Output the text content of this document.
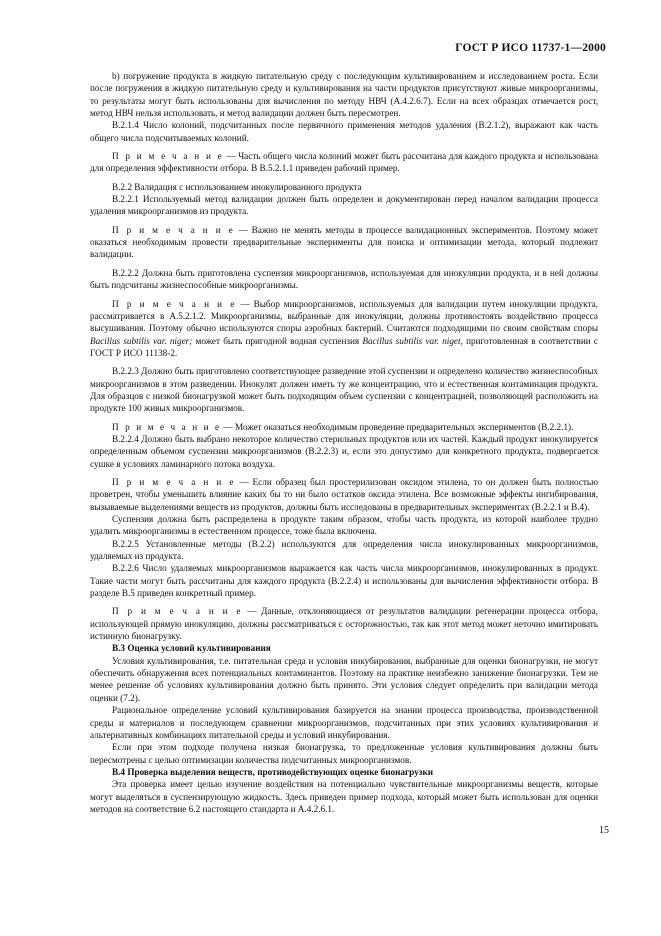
ГОСТ Р ИСО 11737-1—2000

b) погружение продукта в жидкую питательную среду с последующим культивированием и исследованием роста. Если после погружения в жидкую питательную среду и культивирования на части продуктов присутствуют живые микроорганизмы, то результаты могут быть использованы для вычисления по методу НВЧ (А.4.2.6.7). Если на всех образцах отмечается рост, метод НВЧ нельзя использовать, и метод валидации должен быть пересмотрен.

В.2.1.4 Число колоний, подсчитанных после первичного применения методов удаления (В.2.1.2), выражают как часть общего числа подсчитываемых колоний.

П р и м е ч а н и е — Часть общего числа колоний может быть рассчитана для каждого продукта и использована для определения эффективности отбора. В В.5.2.1.1 приведен рабочий пример.

В.2.2 Валидация с использованием инокулированного продукта

В.2.2.1 Используемый метод валидации должен быть определен и документирован перед началом валидации процесса удаления микроорганизмов из продукта.

П р и м е ч а н и е — Важно не менять методы в процессе валидационных экспериментов. Поэтому может оказаться необходимым провести предварительные эксперименты для поиска и оптимизации метода, который подлежит валидации.

В.2.2.2 Должна быть приготовлена суспензия микроорганизмов, используемая для инокуляции продукта, и в ней должны быть подсчитаны жизнеспособные микроорганизмы.

П р и м е ч а н и е — Выбор микроорганизмов, используемых для валидации путем инокуляции продукта, рассматривается в А.5.2.1.2. Микроорганизмы, выбранные для инокуляции, должны противостоять воздействию процесса высушивания. Поэтому обычно используются споры аэробных бактерий. Считаются подходящими по своим свойствам споры Bacillus subtilis var. niger; может быть пригодной водная суспензия Bacillus subtilis var. niget, приготовленная в соответствии с ГОСТ Р ИСО 11138-2.

В.2.2.3 Должно быть приготовлено соответствующее разведение этой суспензии и определено количество жизнеспособных микроорганизмов в этом разведении. Инокулят должен иметь ту же концентрацию, что и естественная контаминация продукта. Для образцов с низкой бионагрузкой может быть подходящим объем суспензии с концентрацией, позволяющей расположить на продукте 100 живых микроорганизмов.

П р и м е ч а н и е — Может оказаться необходимым проведение предварительных экспериментов (В.2.2.1).

В.2.2.4 Должно быть выбрано некоторое количество стерильных продуктов или их частей. Каждый продукт инокулируется определенным объемом суспензии микроорганизмов (В.2.2.3) и, если это допустимо для конкретного продукта, подвергается сушке в условиях ламинарного потока воздуха.

П р и м е ч а н и е — Если образец был простерилизован оксидом этилена, то он должен быть полностью проветрен, чтобы уменьшить влияние каких бы то ни было остатков оксида этилена. Все возможные эффекты ингибирования, вызываемые выделениями веществ из продуктов, должны быть исследованы в предварительных экспериментах (В.2.2.1 и В.4).

Суспензия должна быть распределена в продукте таким образом, чтобы часть продукта, из которой наиболее трудно удалить микроорганизмы в естественном процессе, тоже была включена.

В.2.2.5 Установленные методы (В.2.2) используются для определения числа инокулированных микроорганизмов, удаляемых из продукта.

В.2.2.6 Число удаляемых микроорганизмов выражается как часть числа микроорганизмов, инокулированных в продукт. Такие части могут быть рассчитаны для каждого продукта (В.2.2.4) и использованы для вычисления эффективности отбора. В разделе В.5 приведен конкретный пример.

П р и м е ч а н и е — Данные, отклоняющиеся от результатов валидации регенерации процесса отбора, использующей прямую инокуляцию, должны рассматриваться с осторожностью, так как этот метод может неточно имитировать истинную бионагрузку.

В.3 Оценка условий культивирования

Условия культивирования, т.е. питательная среда и условия инкубирования, выбранные для оценки бионагрузки, не могут обеспечить обнаружения всех потенциальных контаминантов. Поэтому на практике неизбежно занижение бионагрузки. Тем не менее решение об условиях культивирования должно быть принято. Эти условия следует определить при валидации метода оценки (7.2).

Рациональное определение условий культивирования базируется на знании процесса производства, производственной среды и материалов и последующем сравнении микроорганизмов, подсчитанных при этих условиях культивирования и альтернативных комбинациях питательной среды и условий инкубирования.

Если при этом подходе получена низкая бионагрузка, то предложенные условия культивирования должны быть пересмотрены с целью оптимизации количества подсчитанных микроорганизмов.

В.4 Проверка выделения веществ, противодействующих оценке бионагрузки

Эта проверка имеет целью изучение воздействия на потенциально чувствительные микроорганизмы веществ, которые могут выделяться в суспензирующую жидкость. Здесь приведен пример подхода, который может быть использован для оценки методов на соответствие 6.2 настоящего стандарта и А.4.2.6.1.

15
